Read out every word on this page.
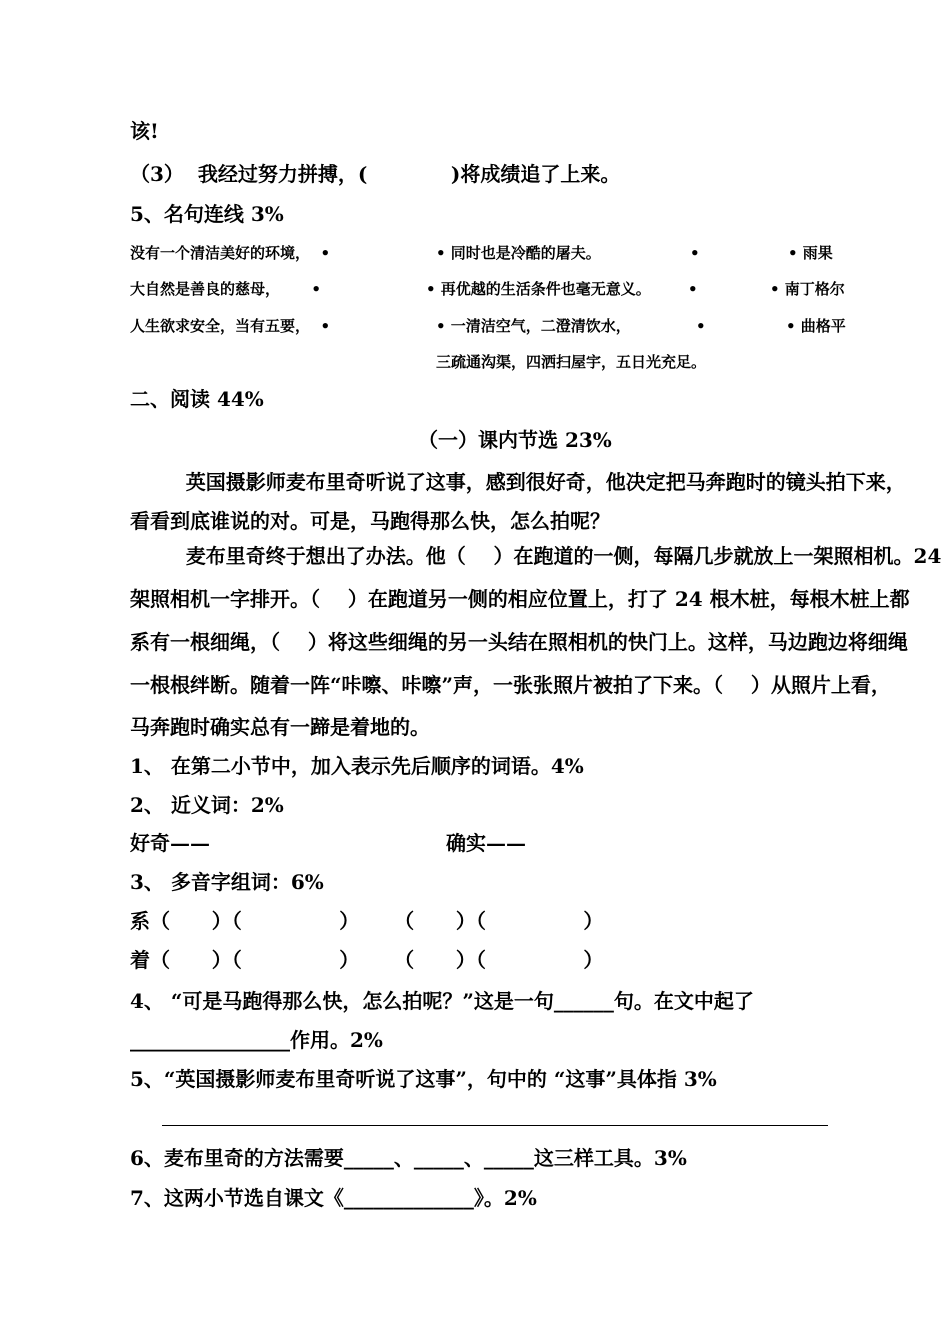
该!
（3）  我经过努力拼搏，(            )将成绩追了上来。
5、名句连线 3%
没有一个清洁美好的环境，  •
大自然是善良的慈母，      •
人生欲求安全，当有五要，  •
• 同时也是冷酷的屠夫。
• 再优越的生活条件也毫无意义。
• 一清洁空气，二澄清饮水，
三疏通沟渠，四洒扫屋宇，五日光充足。
•
•
•
• 雨果
• 南丁格尔
• 曲格平
二、阅读 44%
（一）课内节选 23%
英国摄影师麦布里奇听说了这事，感到很好奇，他决定把马奔跑时的镜头拍下来，
看看到底谁说的对。可是，马跑得那么快，怎么拍呢？
麦布里奇终于想出了办法。他（    ）在跑道的一侧，每隔几步就放上一架照相机。24
架照相机一字排开。（    ）在跑道另一侧的相应位置上，打了 24 根木桩，每根木桩上都
系有一根细绳，（    ）将这些细绳的另一头结在照相机的快门上。这样，马边跑边将细绳
一根根绊断。随着一阵“咔嚓、咔嚓”声，一张张照片被拍了下来。（    ）从照片上看，
马奔跑时确实总有一蹄是着地的。
1、 在第二小节中，加入表示先后顺序的词语。4%
2、 近义词：2%
好奇——	确实——
3、 多音字组词：6%
系（      ）（              ）     （      ）（              ）
着（      ）（              ）     （      ）（              ）
4、 “可是马跑得那么快，怎么拍呢？”这是一句______句。在文中起了
________________作用。2%
5、“英国摄影师麦布里奇听说了这事”，句中的 “这事”具体指 3%
6、麦布里奇的方法需要_____、_____、_____这三样工具。3%
7、这两小节选自课文《_____________》。2%
